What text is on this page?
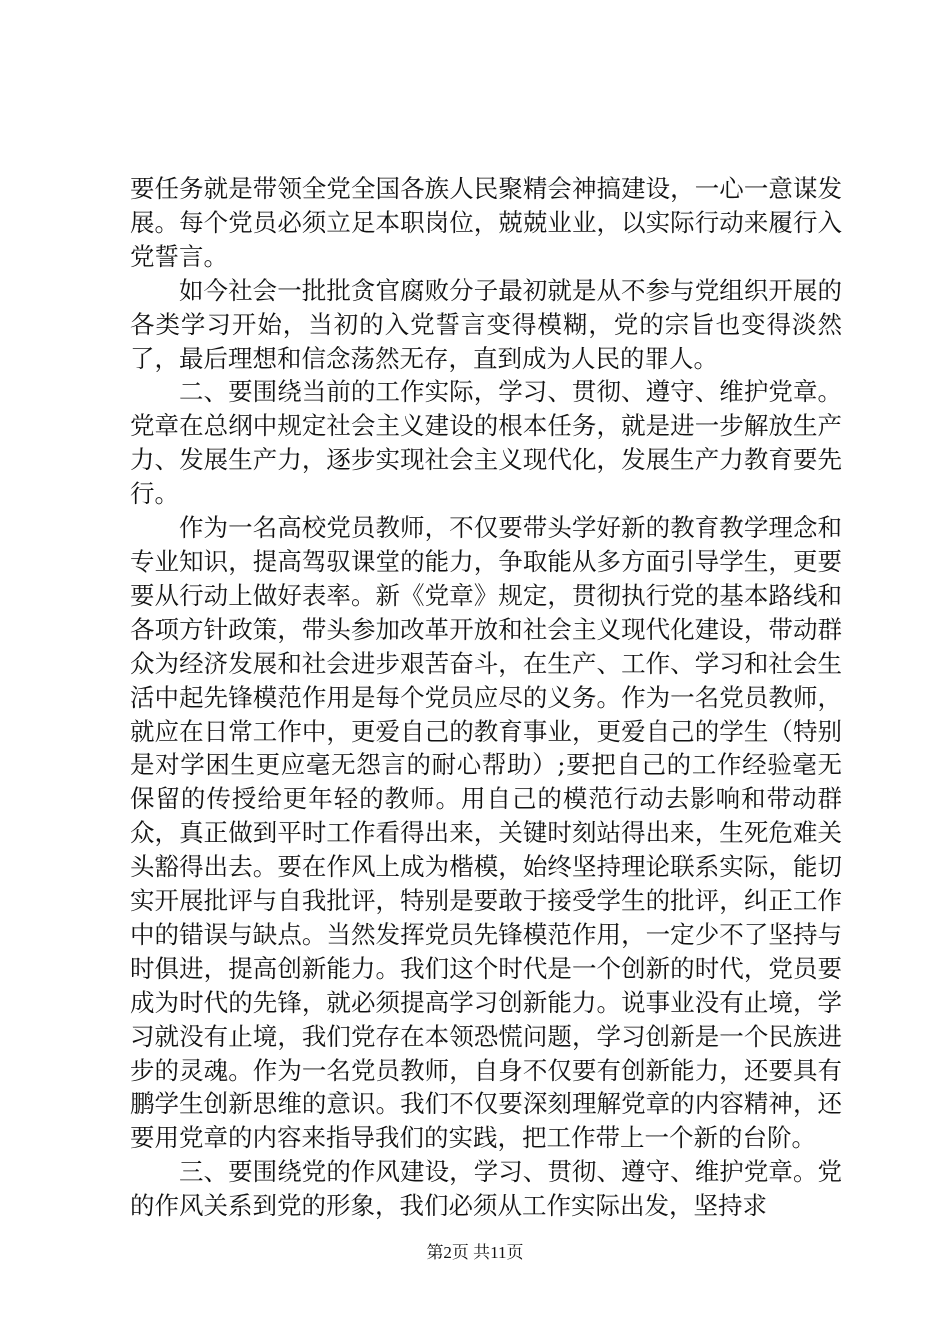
要任务就是带领全党全国各族人民聚精会神搞建设，一心一意谋发展。每个党员必须立足本职岗位，兢兢业业，以实际行动来履行入党誓言。

如今社会一批批贪官腐败分子最初就是从不参与党组织开展的各类学习开始，当初的入党誓言变得模糊，党的宗旨也变得淡然了，最后理想和信念荡然无存，直到成为人民的罪人。

二、要围绕当前的工作实际，学习、贯彻、遵守、维护党章。党章在总纲中规定社会主义建设的根本任务，就是进一步解放生产力、发展生产力，逐步实现社会主义现代化，发展生产力教育要先行。

作为一名高校党员教师，不仅要带头学好新的教育教学理念和专业知识，提高驾驭课堂的能力，争取能从多方面引导学生，更要要从行动上做好表率。新《党章》规定，贯彻执行党的基本路线和各项方针政策，带头参加改革开放和社会主义现代化建设，带动群众为经济发展和社会进步艰苦奋斗，在生产、工作、学习和社会生活中起先锋模范作用是每个党员应尽的义务。作为一名党员教师，就应在日常工作中，更爱自己的教育事业，更爱自己的学生（特别是对学困生更应毫无怨言的耐心帮助）;要把自己的工作经验毫无保留的传授给更年轻的教师。用自己的模范行动去影响和带动群众，真正做到平时工作看得出来，关键时刻站得出来，生死危难关头豁得出去。要在作风上成为楷模，始终坚持理论联系实际，能切实开展批评与自我批评，特别是要敢于接受学生的批评，纠正工作中的错误与缺点。当然发挥党员先锋模范作用，一定少不了坚持与时俱进，提高创新能力。我们这个时代是一个创新的时代，党员要成为时代的先锋，就必须提高学习创新能力。说事业没有止境，学习就没有止境，我们党存在本领恐慌问题，学习创新是一个民族进步的灵魂。作为一名党员教师，自身不仅要有创新能力，还要具有鹏学生创新思维的意识。我们不仅要深刻理解党章的内容精神，还要用党章的内容来指导我们的实践，把工作带上一个新的台阶。

三、要围绕党的作风建设，学习、贯彻、遵守、维护党章。党的作风关系到党的形象，我们必须从工作实际出发，坚持求

第2页 共11页
